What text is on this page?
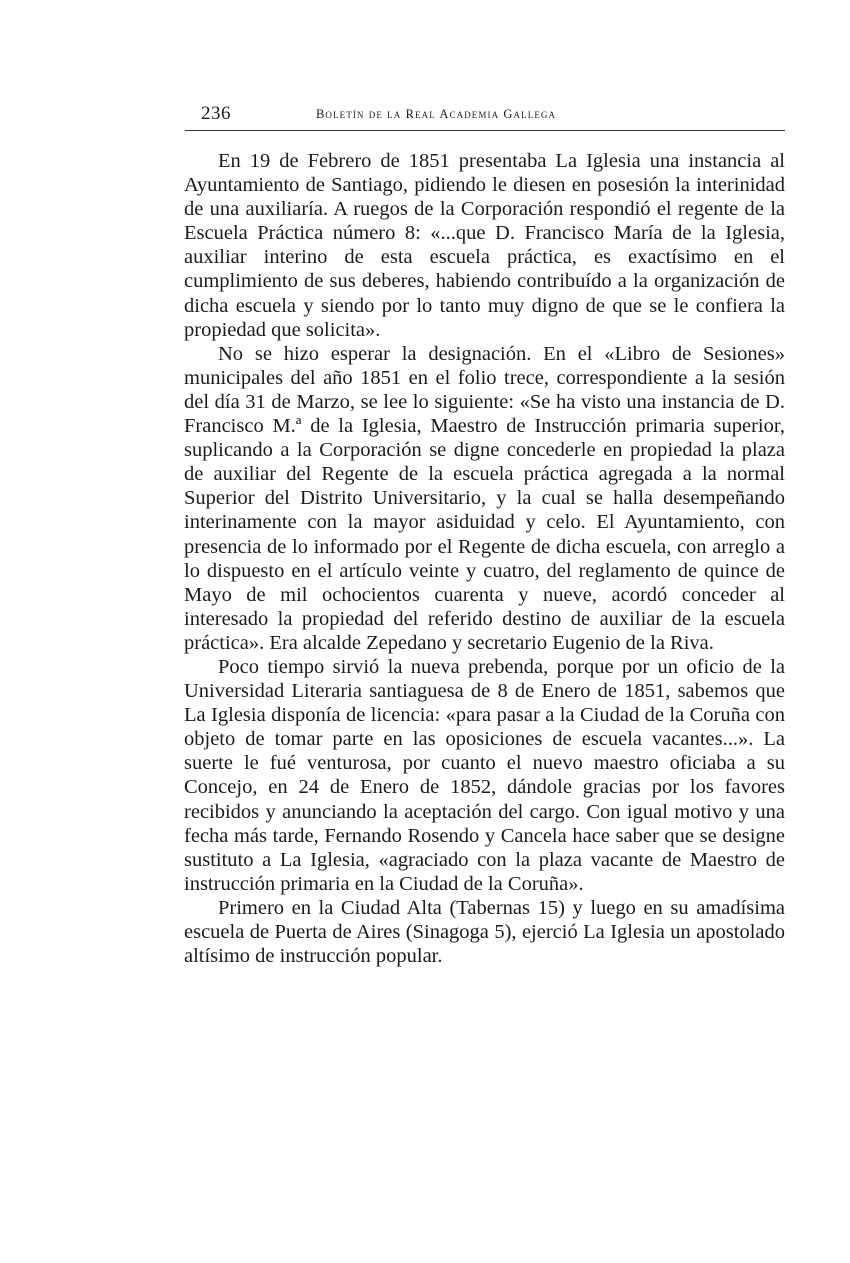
236	Boletín de la Real Academia Gallega

En 19 de Febrero de 1851 presentaba La Iglesia una instancia al Ayuntamiento de Santiago, pidiendo le diesen en posesión la interinidad de una auxiliaría. A ruegos de la Corporación respondió el regente de la Escuela Práctica número 8: «...que D. Francisco María de la Iglesia, auxiliar interino de esta escuela práctica, es exactísimo en el cumplimiento de sus deberes, habiendo contribuído a la organización de dicha escuela y siendo por lo tanto muy digno de que se le confiera la propiedad que solicita».

No se hizo esperar la designación. En el «Libro de Sesiones» municipales del año 1851 en el folio trece, correspondiente a la sesión del día 31 de Marzo, se lee lo siguiente: «Se ha visto una instancia de D. Francisco M.ª de la Iglesia, Maestro de Instrucción primaria superior, suplicando a la Corporación se digne concederle en propiedad la plaza de auxiliar del Regente de la escuela práctica agregada a la normal Superior del Distrito Universitario, y la cual se halla desempeñando interinamente con la mayor asiduidad y celo. El Ayuntamiento, con presencia de lo informado por el Regente de dicha escuela, con arreglo a lo dispuesto en el artículo veinte y cuatro, del reglamento de quince de Mayo de mil ochocientos cuarenta y nueve, acordó conceder al interesado la propiedad del referido destino de auxiliar de la escuela práctica». Era alcalde Zepedano y secretario Eugenio de la Riva.

Poco tiempo sirvió la nueva prebenda, porque por un oficio de la Universidad Literaria santiaguesa de 8 de Enero de 1851, sabemos que La Iglesia disponía de licencia: «para pasar a la Ciudad de la Coruña con objeto de tomar parte en las oposiciones de escuela vacantes...». La suerte le fué venturosa, por cuanto el nuevo maestro oficiaba a su Concejo, en 24 de Enero de 1852, dándole gracias por los favores recibidos y anunciando la aceptación del cargo. Con igual motivo y una fecha más tarde, Fernando Rosendo y Cancela hace saber que se designe sustituto a La Iglesia, «agraciado con la plaza vacante de Maestro de instrucción primaria en la Ciudad de la Coruña».

Primero en la Ciudad Alta (Tabernas 15) y luego en su amadísima escuela de Puerta de Aires (Sinagoga 5), ejerció La Iglesia un apostolado altísimo de instrucción popular.
